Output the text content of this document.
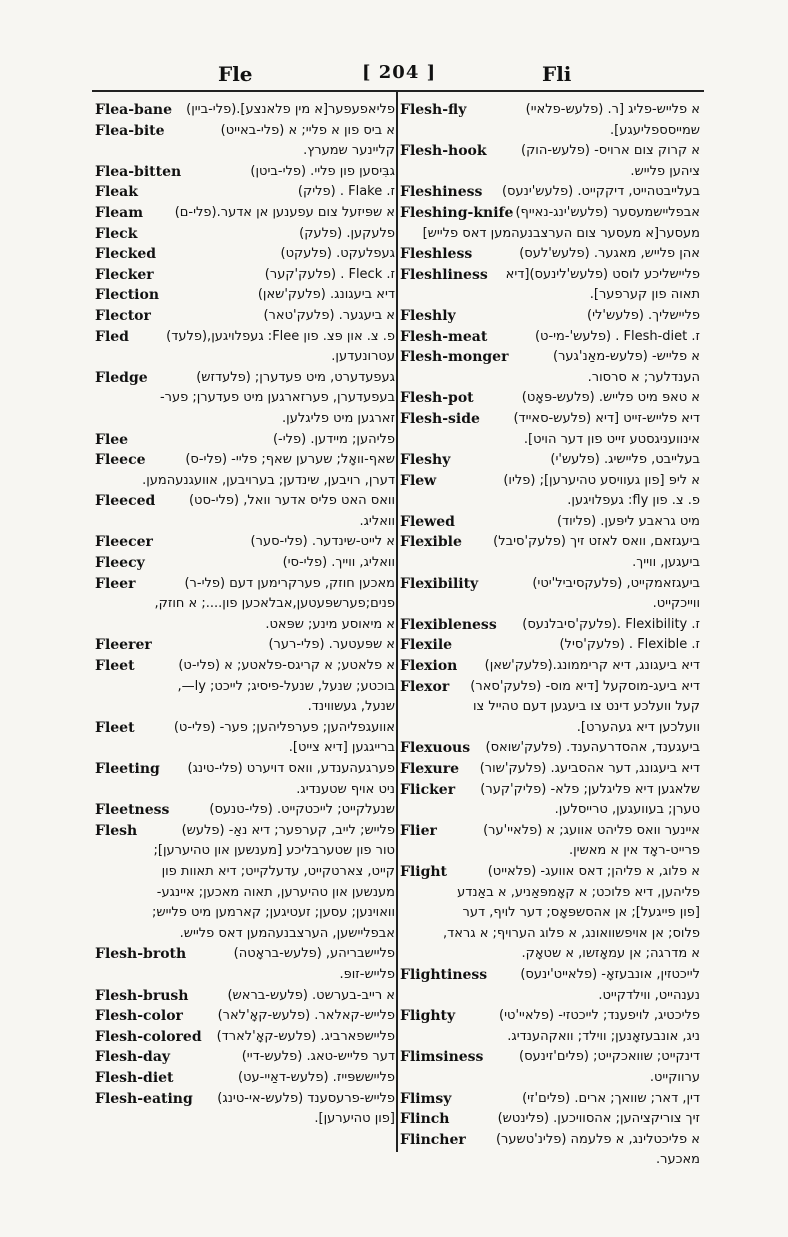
Fle	[ 204 ]	Fli
Flea-bane פליאפעפער[א מין פלאנצע].(פלי-ביין)
Flea-bite	א ביס פון א פליי; א (פלי-באייט)
קליינער שמערץ.
Flea-bitten	גבִּיסען פון פליי. (פלי-ביטן)
Fleak	ז. Flake . (פליק)
Fleam א שפּיזעל צום עפענען אן אדער.(פלי-ם)
Fleck	פלעקען. (פלעק)
Flecked	געפלעקט. (פלעקט)
Flecker	ז. Fleck . (פלעק'קער)
Flection	דיא ביעגונג. (פלעק'שאן)
Flector	א ביעגער. (פלעק'טאר)
Fled	פ. צ. און פּצ. פון Flee: געפלויגען,(פלעד)
עטרונעדען.
Fledge	געפעדערט, מיט פעדערן; (פלעדזש)
בעפעדערן, פערזארגען מיט פעדערן; פער-
זארגען מיט פליגלען.
Flee	פליהען; מיידען. (פלי-)
Fleece	שאף-וואָל; שערען שאף; פליי- (פלי-ס)
דערן, רויבען, שינדען; בערויבען, אוועגנעהמען.
Fleeced	וואס האט פליס אדער וואל, (פלי-סט)
וואליג.
Fleecer	א לייט-שינדער. (פלי-סער)
Fleecy	וואליג, ווייך. (פלי-סי)
Fleer	מאכען חוזק, פערקרימען דעם (פלי-ר)
פנים;פערשפּעטען,אבלאכען פון....; א חוזק,
א מיאוסע מינע; שפּאט.
Fleerer	א שפּעטער. (פלי-רער)
Fleet	א פלאטע; א קריגס-פלאטע; א (פלי-ט)
בוכטע; שנעל, שנעל-פיסיג; לייכט; ly—,
שנעל, געשווינד.
Fleet	אוועגפליהען; פערפליהען; פער- (פלי-ט)
ברייגגען [דיא צייט].
Fleeting פערגעהענדע, וואס דויערט (פלי-טינג)
ניט אויף שטענדיג.
Fleetness	שנעלקייט; לייכטקייט. (פלי-טנעס)
Flesh	פלייש; לייב, קערפער; דיא נאַ- (פלעש)
טור פון שטערבליכע [מענשען און טהיערען];
קייט, צארטקייט, עדעלקייט; דיא תאוות פון
מענשען און טהיערען, תאוה מאכען; איינגע-
וואוינען; עסען; זעטיגען; קארמען מיט פלייש;
אבפליישען, הערצבנעהמען דאס פלייש.
Flesh-broth	פליישבריהע, (פלעש-בראָטה)
פלייש-זופּ.
Flesh-brush	א רייב-בערשט. (פלעש-בראש)
Flesh-color	פלייש-קאלאר. (פלעש-קאָ'לאר)
Flesh-colored פליישפארביג. (פלעש-קאָ'לארד)
Flesh-day	דער פלייש-טאג. (פלעש-דיי)
Flesh-diet	פלייששפּייז. (פלעש-דאַיי-עט)
Flesh-eating פלייש-פרעסענד (פלעש-אי-טינג)
[פון טהיערען].
Flesh-fly	א פלייש-פליג [ר. (פלעש-פלאיי)
שמייסספליעגע].
Flesh-hook	א קרוק צום ארויס- (פלעש-הוק)
ציהען פלייש.
Fleshiness בעלייבטהייט, דיקקייט. (פלעש'ינעס)
Fleshing-knife אבפליישמעסער (פלעש'ינג-נאייף)
מעסער[א מעסער צום הערצבנעהמען דאס פלייש]
Fleshless	אהן פלייש, מאגער. (פלעש'לעס)
Fleshliness פליישליכע לוסט (פלעש'לינעס)[דיא
תאוה פון קערפער].
Fleshly	פליישליך. (פלעש'לי)
Flesh-meat	ז. Flesh-diet . (פלעש'-מי-ט)
Flesh-monger	א פלייש- (פלעש-מאַנ'גער)
הענדלער; א סרסור.
Flesh-pot	א טאפּ מיט פלייש. (פלעש-פּאָט)
Flesh-side	דיא פלייש-זייט [דיא (פלעש-סאייד)
אינוועניגסטע זייט פון דער הויט].
Fleshy	בעלייבט, פליישיג. (פלעש'י)
Flew	א ליפּ [פון געוויסע טהיערען]; (פליו)
פ. צ. פון fly: געפלויגען.
Flewed	מיט גראבע ליפּען. (פליוד)
Flexible ביעגזאם, וואס לאזט זיך (פלעק'סיבל)
ביעגען, ווייך.
Flexibility	ביעגזאמקייט, (פלעקסיביל'יטי)
ווייכקייט.
Flexibleness ז. Flexibility .(פלעק'סיבלנעס)
Flexile	ז. Flexible . (פלעק'סיל)
Flexion דיא ביעגונג, דיא קריממונג.(פלעק'שאן)
Flexor דיא ביעג-מוסקעל [דיא מוס- (פלעק'סאר)
קעל וועלכע דינט צו ביעגען דעם טהייל צו
וועלכען דיא געהערט].
Flexuous ביעגענד, אהסדרעהענד. (פלעק'שואס)
Flexure דיא ביעגונג, דער אהסביעג. (פלעק'שור)
Flicker שלאגען דיא פליגלען; פלא- (פליק'קער)
טערן; בעוועגען, טרייסלען.
Flier	איינער וואס פליהט אוועג; א (פלאיי'ער)
פרייט-ראָד אין א מאשין.
Flight	א פלוג, א פליהן; דאס אוועג- (פלאייט)
פליהען, דיא פלוכט; א קאָמפּאַניע, א באַנדע
[פון פייגעל]; אן אהסשפּאָס; דער לויף, דער
פלוס; אן אויפשוואונג, א פלוג הערויף; א גראד,
א מדרגה; אן עמאָזשו, א שטאָק.
Flightiness	לייכטזין, אונבעזאָ- (פלאייט'ינעס)
נענהייט, ווילדקייט.
Flighty	פליכטיג, לויפענד; לייכטזי- (פלאיי'טי)
ניג, אונבעזאָנען; ווילד; וואקהענדיג.
Flimsiness	דינקייט; שוואכקייט; (פלים'זינעס)
ערווקייט.
Flimsy	דין, דאר; שוואך; ארים. (פלים'זי)
Flinch	זיך צוריקציהען; אהסוויכען. (פלינטש)
Flincher א פליכטלינג, א פלעמה (פלינ'טשער)
מאכער.
